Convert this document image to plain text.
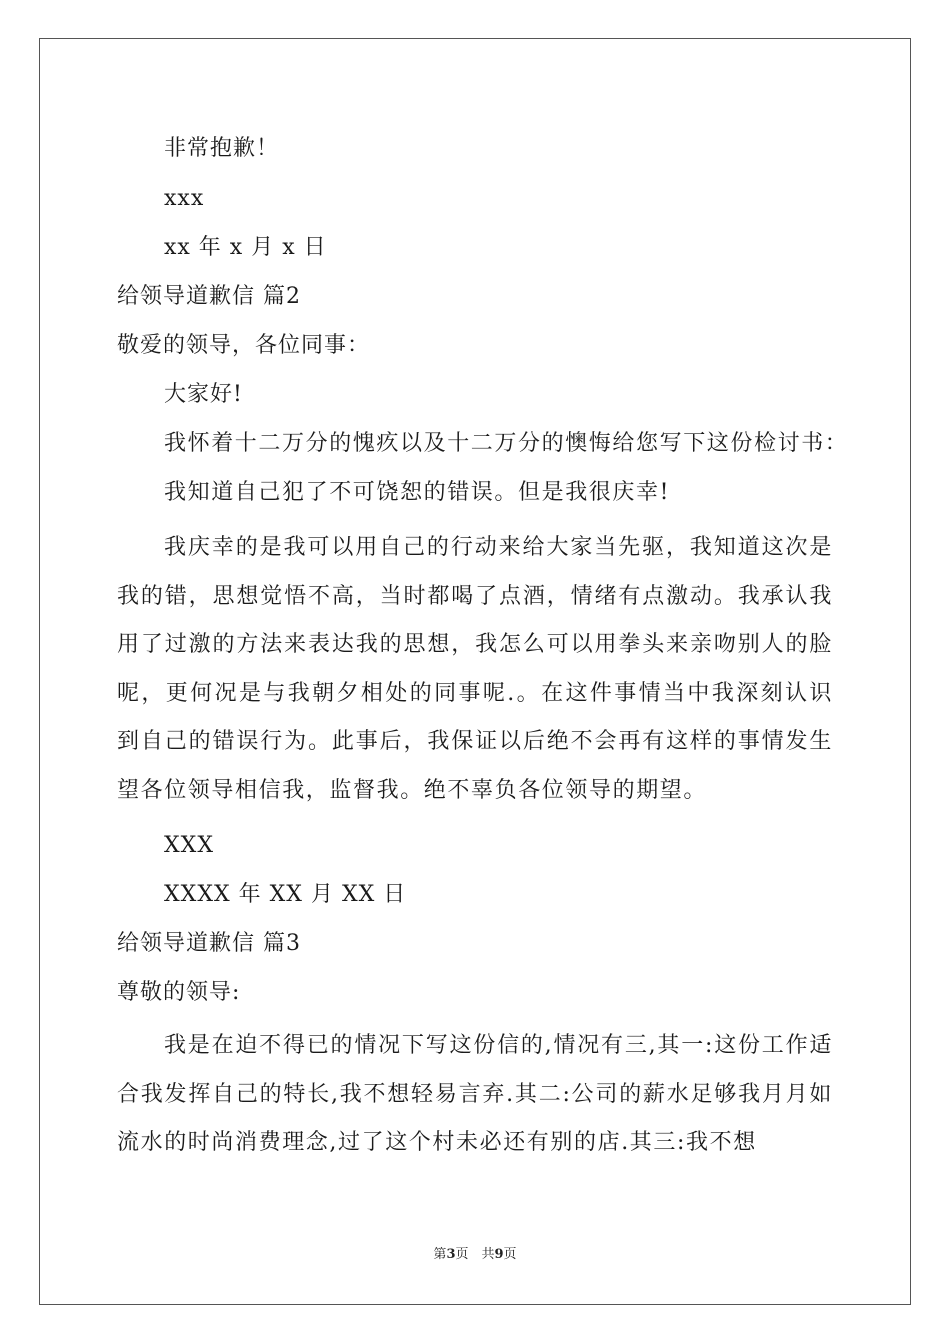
非常抱歉！
xxx
xx 年 x 月 x 日
给领导道歉信 篇2
敬爱的领导，各位同事：
大家好!
我怀着十二万分的愧疚以及十二万分的懊悔给您写下这份检讨书：
我知道自己犯了不可饶恕的错误。但是我很庆幸!
我庆幸的是我可以用自己的行动来给大家当先驱，我知道这次是我的错，思想觉悟不高，当时都喝了点酒，情绪有点激动。我承认我用了过激的方法来表达我的思想，我怎么可以用拳头来亲吻别人的脸呢，更何况是与我朝夕相处的同事呢.。在这件事情当中我深刻认识到自己的错误行为。此事后，我保证以后绝不会再有这样的事情发生望各位领导相信我，监督我。绝不辜负各位领导的期望。
XXX
XXXX 年 XX 月 XX 日
给领导道歉信 篇3
尊敬的领导:
我是在迫不得已的情况下写这份信的,情况有三,其一:这份工作适合我发挥自己的特长,我不想轻易言弃.其二:公司的薪水足够我月月如流水的时尚消费理念,过了这个村未必还有别的店.其三:我不想
第3页　共9页
